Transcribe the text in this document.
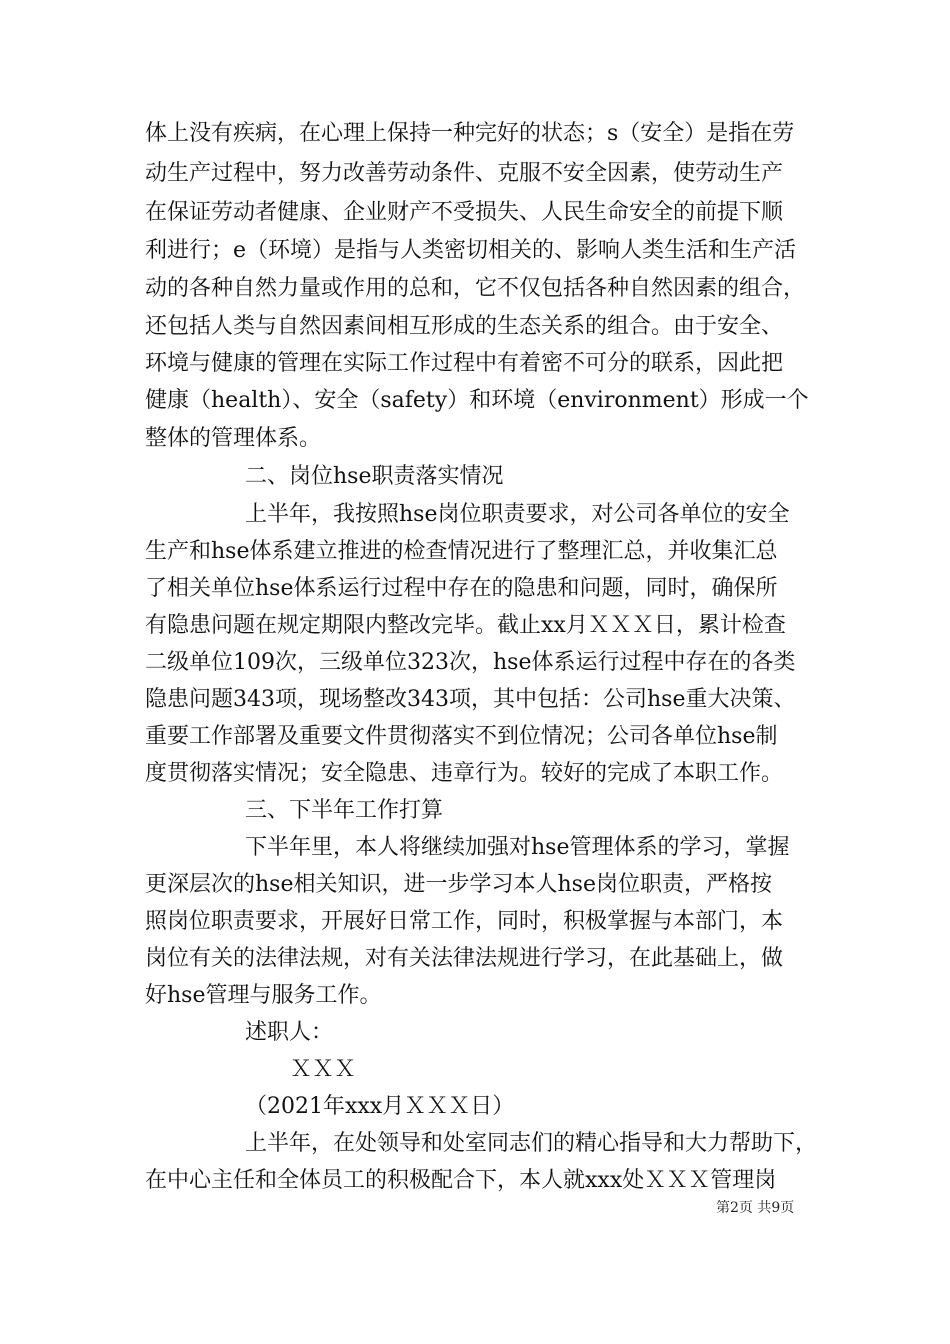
体上没有疾病，在心理上保持一种完好的状态；s（安全）是指在劳
动生产过程中，努力改善劳动条件、克服不安全因素，使劳动生产
在保证劳动者健康、企业财产不受损失、人民生命安全的前提下顺
利进行；e（环境）是指与人类密切相关的、影响人类生活和生产活
动的各种自然力量或作用的总和，它不仅包括各种自然因素的组合，
还包括人类与自然因素间相互形成的生态关系的组合。由于安全、
环境与健康的管理在实际工作过程中有着密不可分的联系，因此把
健康（health）、安全（safety）和环境（environment）形成一个
整体的管理体系。
二、岗位hse职责落实情况
上半年，我按照hse岗位职责要求，对公司各单位的安全
生产和hse体系建立推进的检查情况进行了整理汇总，并收集汇总
了相关单位hse体系运行过程中存在的隐患和问题，同时，确保所
有隐患问题在规定期限内整改完毕。截止xx月ＸＸＸ日，累计检查
二级单位109次，三级单位323次，hse体系运行过程中存在的各类
隐患问题343项，现场整改343项，其中包括：公司hse重大决策、
重要工作部署及重要文件贯彻落实不到位情况；公司各单位hse制
度贯彻落实情况；安全隐患、违章行为。较好的完成了本职工作。
三、下半年工作打算
下半年里，本人将继续加强对hse管理体系的学习，掌握
更深层次的hse相关知识，进一步学习本人hse岗位职责，严格按
照岗位职责要求，开展好日常工作，同时，积极掌握与本部门，本
岗位有关的法律法规，对有关法律法规进行学习，在此基础上，做
好hse管理与服务工作。
述职人：
ＸＸＸ
（2021年xxx月ＸＸＸ日）
上半年，在处领导和处室同志们的精心指导和大力帮助下，
在中心主任和全体员工的积极配合下，本人就xxx处ＸＸＸ管理岗
第2页 共9页
